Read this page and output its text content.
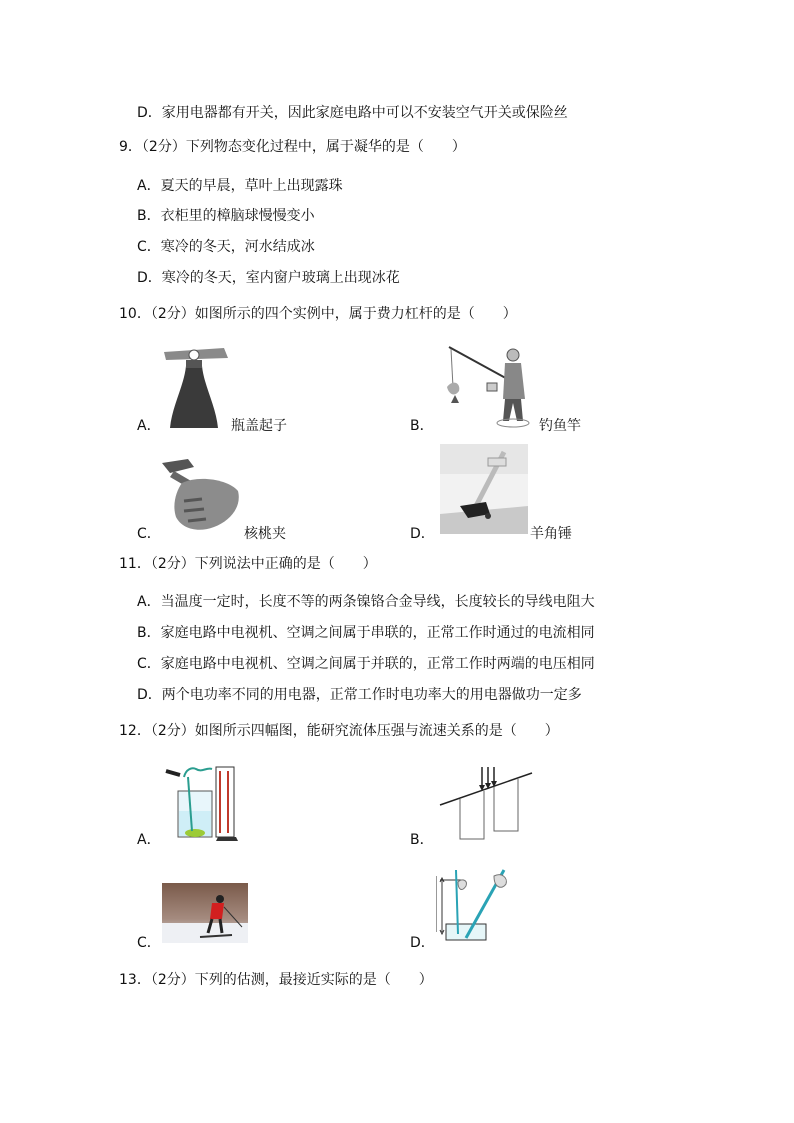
D．家用电器都有开关，因此家庭电路中可以不安装空气开关或保险丝
9．（2分）下列物态变化过程中，属于凝华的是（　　）
A．夏天的早晨，草叶上出现露珠
B．衣柜里的樟脑球慢慢变小
C．寒冷的冬天，河水结成冰
D．寒冷的冬天，室内窗户玻璃上出现冰花
10．（2分）如图所示的四个实例中，属于费力杠杆的是（　　）
A．	瓶盖起子	B．	钓鱼竿
C．	核桃夹	D．	羊角锤
11．（2分）下列说法中正确的是（　　）
A．当温度一定时，长度不等的两条镍铬合金导线，长度较长的导线电阻大
B．家庭电路中电视机、空调之间属于串联的，正常工作时通过的电流相同
C．家庭电路中电视机、空调之间属于并联的，正常工作时两端的电压相同
D．两个电功率不同的用电器，正常工作时电功率大的用电器做功一定多
12．（2分）如图所示四幅图，能研究流体压强与流速关系的是（　　）
A．	B．
C．	D．
13．（2分）下列的估测，最接近实际的是（　　）
